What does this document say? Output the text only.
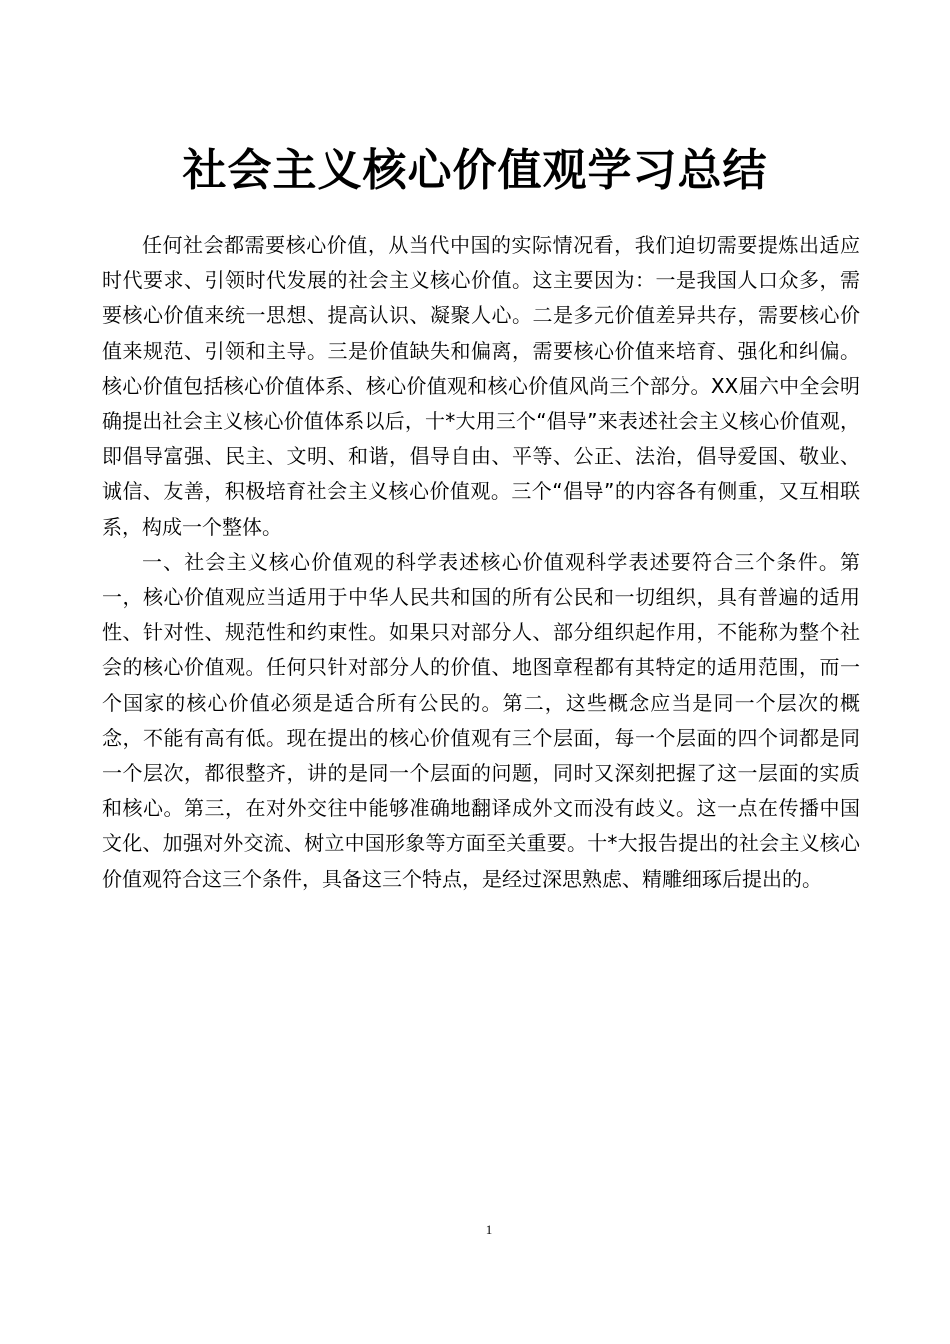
社会主义核心价值观学习总结

任何社会都需要核心价值，从当代中国的实际情况看，我们迫切需要提炼出适应时代要求、引领时代发展的社会主义核心价值。这主要因为：一是我国人口众多，需要核心价值来统一思想、提高认识、凝聚人心。二是多元价值差异共存，需要核心价值来规范、引领和主导。三是价值缺失和偏离，需要核心价值来培育、强化和纠偏。核心价值包括核心价值体系、核心价值观和核心价值风尚三个部分。XX届六中全会明确提出社会主义核心价值体系以后，十*大用三个“倡导”来表述社会主义核心价值观，即倡导富强、民主、文明、和谐，倡导自由、平等、公正、法治，倡导爱国、敬业、诚信、友善，积极培育社会主义核心价值观。三个“倡导”的内容各有侧重，又互相联系，构成一个整体。

一、社会主义核心价值观的科学表述核心价值观科学表述要符合三个条件。第一，核心价值观应当适用于中华人民共和国的所有公民和一切组织，具有普遍的适用性、针对性、规范性和约束性。如果只对部分人、部分组织起作用，不能称为整个社会的核心价值观。任何只针对部分人的价值、地图章程都有其特定的适用范围，而一个国家的核心价值必须是适合所有公民的。第二，这些概念应当是同一个层次的概念，不能有高有低。现在提出的核心价值观有三个层面，每一个层面的四个词都是同一个层次，都很整齐，讲的是同一个层面的问题，同时又深刻把握了这一层面的实质和核心。第三，在对外交往中能够准确地翻译成外文而没有歧义。这一点在传播中国文化、加强对外交流、树立中国形象等方面至关重要。十*大报告提出的社会主义核心价值观符合这三个条件，具备这三个特点，是经过深思熟虑、精雕细琢后提出的。

1
